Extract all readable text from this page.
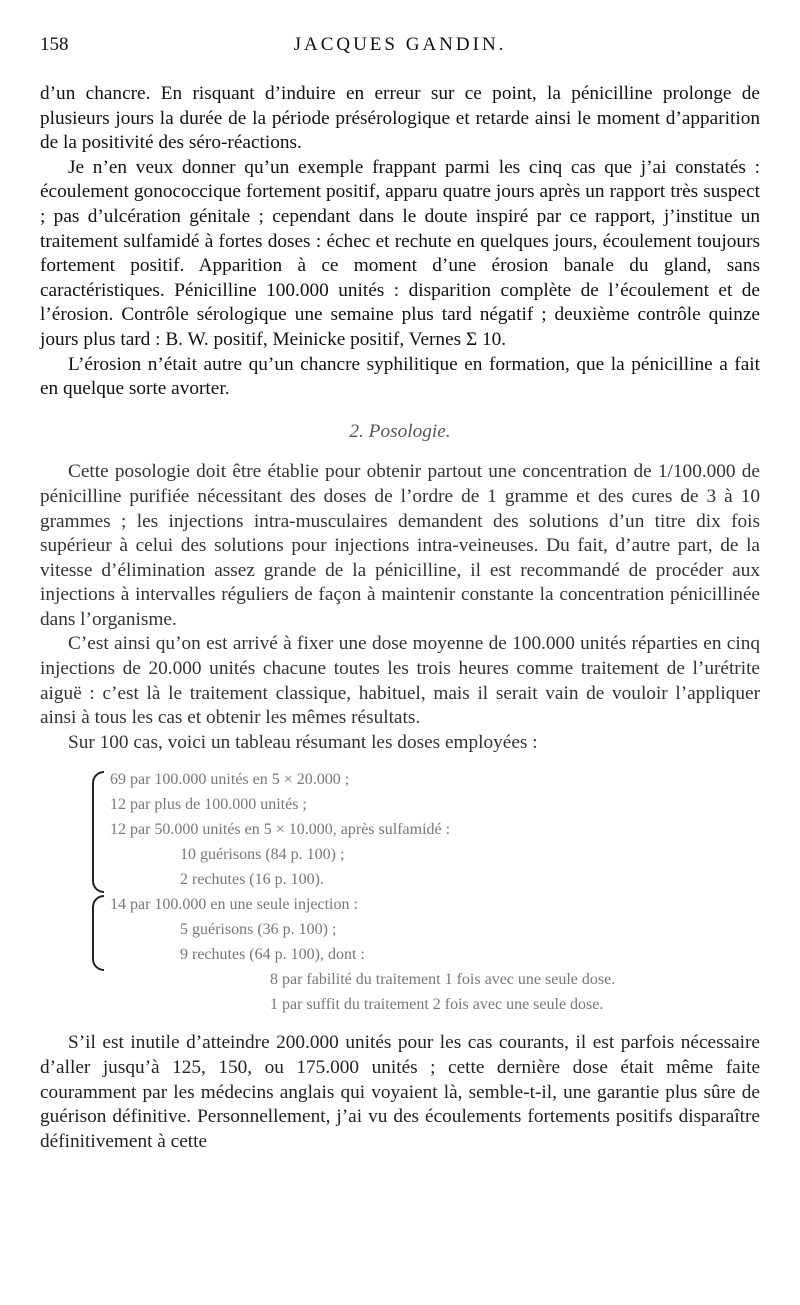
158	JACQUES GANDIN.

d’un chancre. En risquant d’induire en erreur sur ce point, la pénicilline prolonge de plusieurs jours la durée de la période présérologique et retarde ainsi le moment d’apparition de la positivité des séro-réactions.

Je n’en veux donner qu’un exemple frappant parmi les cinq cas que j’ai constatés : écoulement gonococcique fortement positif, apparu quatre jours après un rapport très suspect ; pas d’ulcération génitale ; cependant dans le doute inspiré par ce rapport, j’institue un traitement sulfamidé à fortes doses : échec et rechute en quelques jours, écoulement toujours fortement positif. Apparition à ce moment d’une érosion banale du gland, sans caractéristiques. Pénicilline 100.000 unités : disparition complète de l’écoulement et de l’érosion. Contrôle sérologique une semaine plus tard négatif ; deuxième contrôle quinze jours plus tard : B. W. positif, Meinicke positif, Vernes Σ 10.

L’érosion n’était autre qu’un chancre syphilitique en formation, que la pénicilline a fait en quelque sorte avorter.

2. Posologie.

Cette posologie doit être établie pour obtenir partout une concentration de 1/100.000 de pénicilline purifiée nécessitant des doses de l’ordre de 1 gramme et des cures de 3 à 10 grammes ; les injections intra-musculaires demandent des solutions d’un titre dix fois supérieur à celui des solutions pour injections intra-veineuses. Du fait, d’autre part, de la vitesse d’élimination assez grande de la pénicilline, il est recommandé de procéder aux injections à intervalles réguliers de façon à maintenir constante la concentration pénicillinée dans l’organisme.

C’est ainsi qu’on est arrivé à fixer une dose moyenne de 100.000 unités réparties en cinq injections de 20.000 unités chacune toutes les trois heures comme traitement de l’urétrite aiguë : c’est là le traitement classique, habituel, mais il serait vain de vouloir l’appliquer ainsi à tous les cas et obtenir les mêmes résultats.

Sur 100 cas, voici un tableau résumant les doses employées :

69 par 100.000 unités en 5 × 20.000 ;
12 par plus de 100.000 unités ;
12 par 50.000 unités en 5 × 10.000, après sulfamidé :
10 guérisons (84 p. 100) ;
2 rechutes (16 p. 100).
14 par 100.000 en une seule injection :
5 guérisons (36 p. 100) ;
9 rechutes (64 p. 100), dont :
8 par fabilité du traitement 1 fois avec une seule dose.
1 par suffit du traitement 2 fois avec une seule dose.

S’il est inutile d’atteindre 200.000 unités pour les cas courants, il est parfois nécessaire d’aller jusqu’à 125, 150, ou 175.000 unités ; cette dernière dose était même faite couramment par les médecins anglais qui voyaient là, semble-t-il, une garantie plus sûre de guérison définitive. Personnellement, j’ai vu des écoulements fortements positifs disparaître définitivement à cette
